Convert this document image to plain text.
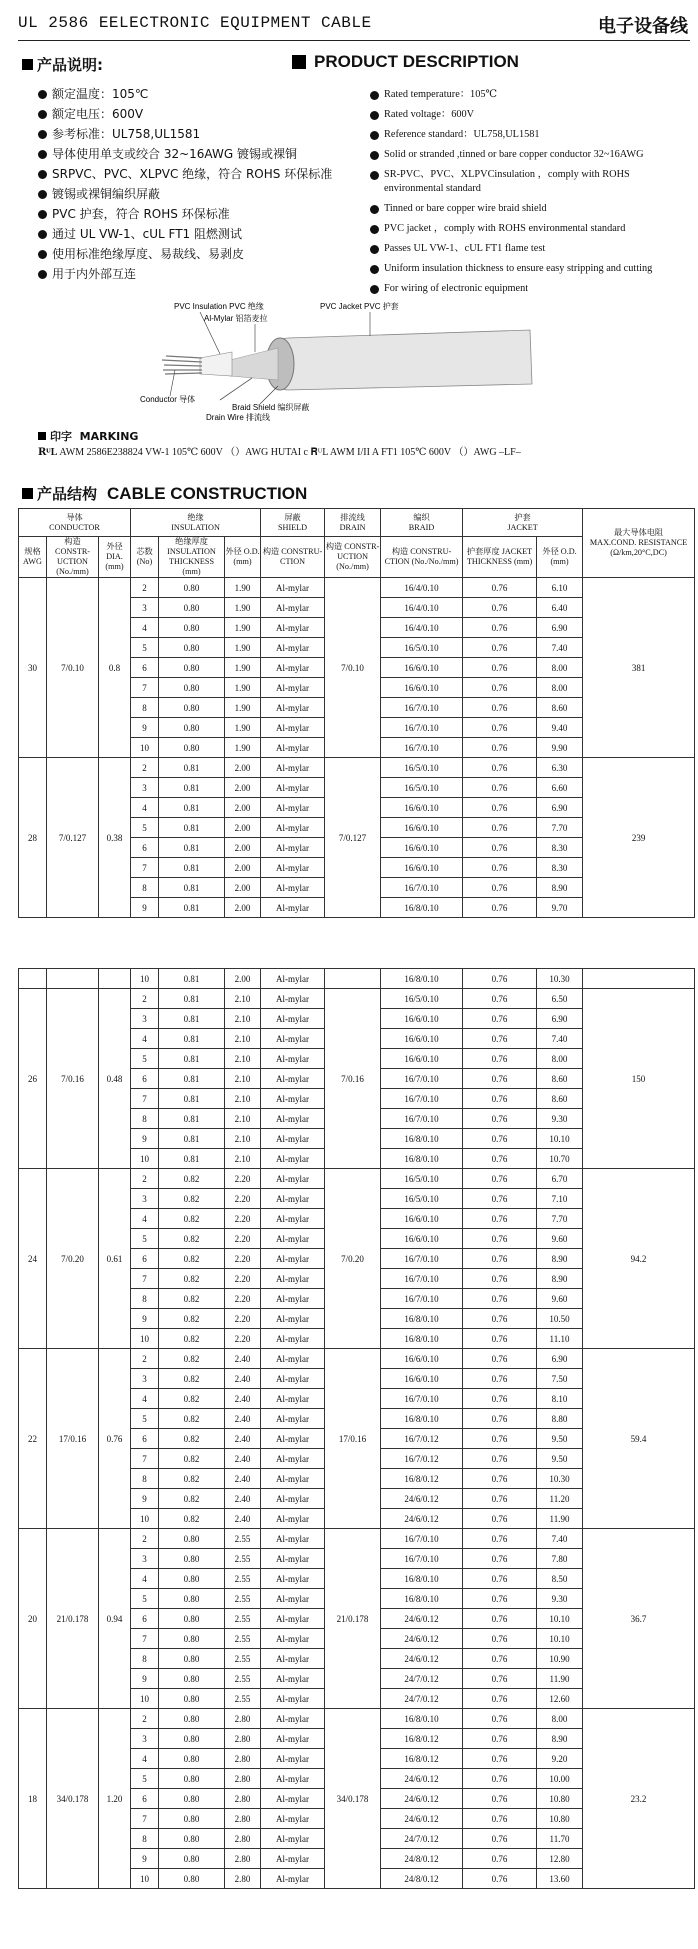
UL 2586 EELECTRONIC EQUIPMENT CABLE	电子设备线
产品说明:	PRODUCT DESCRIPTION
额定温度：105℃
额定电压：600V
参考标准：UL758,UL1581
导体使用单支或绞合 32~16AWG 镀锡或裸铜
SRPVC、PVC、XLPVC 绝缘，符合 ROHS 环保标准
镀锡或裸铜编织屏蔽
PVC 护套，符合 ROHS 环保标准
通过 UL VW-1、cUL FT1 阻燃测试
使用标准绝缘厚度、易裁线、易剥皮
用于内外部互连
Rated temperature：105℃
Rated voltage：600V
Reference standard：UL758,UL1581
Solid or stranded ,tinned or bare copper conductor 32~16AWG
SR-PVC、PVC、XLPVCinsulation ，comply with ROHS environmental standard
Tinned or bare copper wire braid shield
PVC jacket ，comply with ROHS environmental standard
Passes UL VW-1、cUL FT1 flame test
Uniform insulation thickness to ensure easy stripping and cutting
For wiring of electronic equipment
PVC Insulation PVC 绝缘
Al-Mylar 铝箔麦拉
PVC Jacket PVC 护套
Conductor 导体
Braid Shield 编织屏蔽
Drain Wire 排流线
印字 MARKING
𝐑ᵁL AWM 2586E238824 VW-1 105℃ 600V （）AWG HUTAI c 𝐑ᵁL AWM I/II A FT1 105℃ 600V （）AWG –LF–
产品结构 CABLE CONSTRUCTION
导体
CONDUCTOR			绝缘
INSULATION			屏蔽
SHIELD	排流线
DRAIN	编织
BRAID	护套
JACKET		最大导体电阻
MAX.COND. RESISTANCE (Ω/km,20°C,DC)
规格 AWG	构造 CONSTR-UCTION (No./mm)	外径 DIA. (mm)	芯数 (No)	绝缘厚度 INSULATION THICKNESS (mm)	外径 O.D. (mm)	构造 CONSTRU-CTION	构造 CONSTR-UCTION (No./mm)	构造 CONSTRU-CTION (No./No./mm)	护套厚度 JACKET THICKNESS (mm)	外径 O.D. (mm)	
30	7/0.10	0.8	2	0.80	1.90	Al-mylar	7/0.10	16/4/0.10	0.76	6.10	381
			3	0.80	1.90	Al-mylar		16/4/0.10	0.76	6.40	
			4	0.80	1.90	Al-mylar		16/4/0.10	0.76	6.90	
			5	0.80	1.90	Al-mylar		16/5/0.10	0.76	7.40	
			6	0.80	1.90	Al-mylar		16/6/0.10	0.76	8.00	
			7	0.80	1.90	Al-mylar		16/6/0.10	0.76	8.00	
			8	0.80	1.90	Al-mylar		16/7/0.10	0.76	8.60	
			9	0.80	1.90	Al-mylar		16/7/0.10	0.76	9.40	
			10	0.80	1.90	Al-mylar		16/7/0.10	0.76	9.90	
28	7/0.127	0.38	2	0.81	2.00	Al-mylar	7/0.127	16/5/0.10	0.76	6.30	239
			3	0.81	2.00	Al-mylar		16/5/0.10	0.76	6.60	
			4	0.81	2.00	Al-mylar		16/6/0.10	0.76	6.90	
			5	0.81	2.00	Al-mylar		16/6/0.10	0.76	7.70	
			6	0.81	2.00	Al-mylar		16/6/0.10	0.76	8.30	
			7	0.81	2.00	Al-mylar		16/6/0.10	0.76	8.30	
			8	0.81	2.00	Al-mylar		16/7/0.10	0.76	8.90	
			9	0.81	2.00	Al-mylar		16/8/0.10	0.76	9.70	
			10	0.81	2.00	Al-mylar		16/8/0.10	0.76	10.30	
26	7/0.16	0.48	2	0.81	2.10	Al-mylar	7/0.16	16/5/0.10	0.76	6.50	150
			3	0.81	2.10	Al-mylar		16/6/0.10	0.76	6.90	
			4	0.81	2.10	Al-mylar		16/6/0.10	0.76	7.40	
			5	0.81	2.10	Al-mylar		16/6/0.10	0.76	8.00	
			6	0.81	2.10	Al-mylar		16/7/0.10	0.76	8.60	
			7	0.81	2.10	Al-mylar		16/7/0.10	0.76	8.60	
			8	0.81	2.10	Al-mylar		16/7/0.10	0.76	9.30	
			9	0.81	2.10	Al-mylar		16/8/0.10	0.76	10.10	
			10	0.81	2.10	Al-mylar		16/8/0.10	0.76	10.70	
24	7/0.20	0.61	2	0.82	2.20	Al-mylar	7/0.20	16/5/0.10	0.76	6.70	94.2
			3	0.82	2.20	Al-mylar		16/5/0.10	0.76	7.10	
			4	0.82	2.20	Al-mylar		16/6/0.10	0.76	7.70	
			5	0.82	2.20	Al-mylar		16/6/0.10	0.76	9.60	
			6	0.82	2.20	Al-mylar		16/7/0.10	0.76	8.90	
			7	0.82	2.20	Al-mylar		16/7/0.10	0.76	8.90	
			8	0.82	2.20	Al-mylar		16/7/0.10	0.76	9.60	
			9	0.82	2.20	Al-mylar		16/8/0.10	0.76	10.50	
			10	0.82	2.20	Al-mylar		16/8/0.10	0.76	11.10	
22	17/0.16	0.76	2	0.82	2.40	Al-mylar	17/0.16	16/6/0.10	0.76	6.90	59.4
			3	0.82	2.40	Al-mylar		16/6/0.10	0.76	7.50	
			4	0.82	2.40	Al-mylar		16/7/0.10	0.76	8.10	
			5	0.82	2.40	Al-mylar		16/8/0.10	0.76	8.80	
			6	0.82	2.40	Al-mylar		16/7/0.12	0.76	9.50	
			7	0.82	2.40	Al-mylar		16/7/0.12	0.76	9.50	
			8	0.82	2.40	Al-mylar		16/8/0.12	0.76	10.30	
			9	0.82	2.40	Al-mylar		24/6/0.12	0.76	11.20	
			10	0.82	2.40	Al-mylar		24/6/0.12	0.76	11.90	
20	21/0.178	0.94	2	0.80	2.55	Al-mylar	21/0.178	16/7/0.10	0.76	7.40	36.7
			3	0.80	2.55	Al-mylar		16/7/0.10	0.76	7.80	
			4	0.80	2.55	Al-mylar		16/8/0.10	0.76	8.50	
			5	0.80	2.55	Al-mylar		16/8/0.10	0.76	9.30	
			6	0.80	2.55	Al-mylar		24/6/0.12	0.76	10.10	
			7	0.80	2.55	Al-mylar		24/6/0.12	0.76	10.10	
			8	0.80	2.55	Al-mylar		24/6/0.12	0.76	10.90	
			9	0.80	2.55	Al-mylar		24/7/0.12	0.76	11.90	
			10	0.80	2.55	Al-mylar		24/7/0.12	0.76	12.60	
18	34/0.178	1.20	2	0.80	2.80	Al-mylar	34/0.178	16/8/0.10	0.76	8.00	23.2
			3	0.80	2.80	Al-mylar		16/8/0.12	0.76	8.90	
			4	0.80	2.80	Al-mylar		16/8/0.12	0.76	9.20	
			5	0.80	2.80	Al-mylar		24/6/0.12	0.76	10.00	
			6	0.80	2.80	Al-mylar		24/6/0.12	0.76	10.80	
			7	0.80	2.80	Al-mylar		24/6/0.12	0.76	10.80	
			8	0.80	2.80	Al-mylar		24/7/0.12	0.76	11.70	
			9	0.80	2.80	Al-mylar		24/8/0.12	0.76	12.80	
			10	0.80	2.80	Al-mylar		24/8/0.12	0.76	13.60	
